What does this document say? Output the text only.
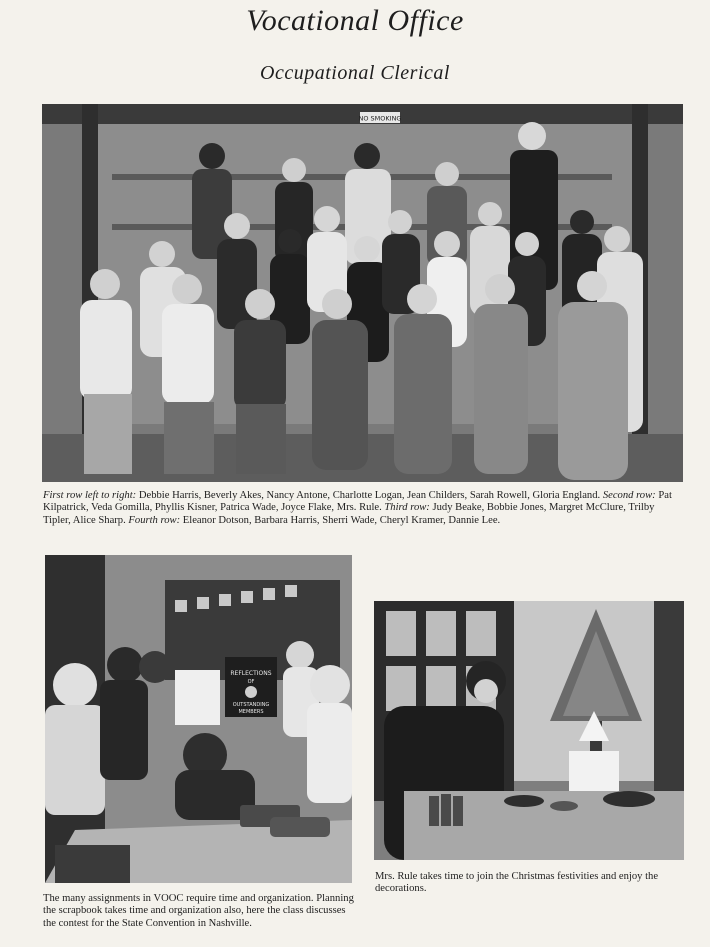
Vocational Office
Occupational Clerical
NO SMOKING
First row left to right: Debbie Harris, Beverly Akes, Nancy Antone, Charlotte Logan, Jean Childers, Sarah Rowell, Gloria England. Second row: Pat Kilpatrick, Veda Gomilla, Phyllis Kisner, Patrica Wade, Joyce Flake, Mrs. Rule. Third row: Judy Beake, Bobbie Jones, Margret McClure, Trilby Tipler, Alice Sharp. Fourth row: Eleanor Dotson, Barbara Harris, Sherri Wade, Cheryl Kramer, Dannie Lee.
REFLECTIONS
OF
OUTSTANDING
MEMBERS
The many assignments in VOOC require time and organization. Planning the scrapbook takes time and organization also, here the class discusses the contest for the State Convention in Nashville.
Mrs. Rule takes time to join the Christmas festivities and enjoy the decorations.
